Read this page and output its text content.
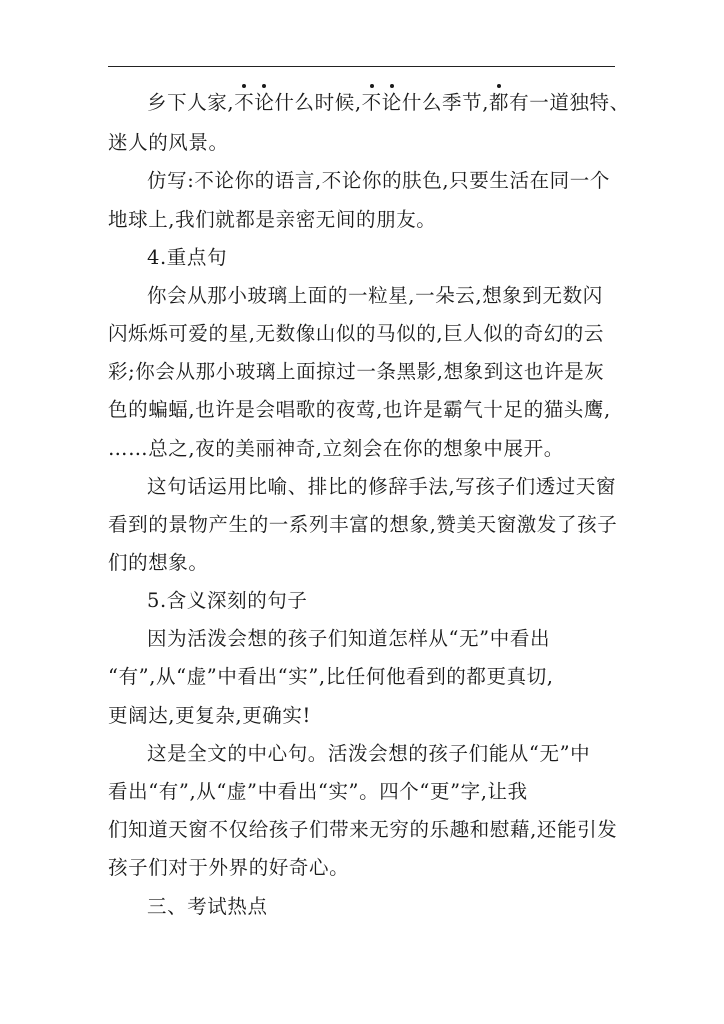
乡下人家,不论什么时候,不论什么季节,都有一道独特、
迷人的风景。
仿写:不论你的语言,不论你的肤色,只要生活在同一个
地球上,我们就都是亲密无间的朋友。
4.重点句
你会从那小玻璃上面的一粒星,一朵云,想象到无数闪
闪烁烁可爱的星,无数像山似的马似的,巨人似的奇幻的云
彩;你会从那小玻璃上面掠过一条黑影,想象到这也许是灰
色的蝙蝠,也许是会唱歌的夜莺,也许是霸气十足的猫头鹰,
……总之,夜的美丽神奇,立刻会在你的想象中展开。
这句话运用比喻、排比的修辞手法,写孩子们透过天窗
看到的景物产生的一系列丰富的想象,赞美天窗激发了孩子
们的想象。
5.含义深刻的句子
因为活泼会想的孩子们知道怎样从“无”中看出
“有”,从“虚”中看出“实”,比任何他看到的都更真切,
更阔达,更复杂,更确实!
这是全文的中心句。活泼会想的孩子们能从“无”中
看出“有”,从“虚”中看出“实”。四个“更”字,让我
们知道天窗不仅给孩子们带来无穷的乐趣和慰藉,还能引发
孩子们对于外界的好奇心。
三、考试热点
